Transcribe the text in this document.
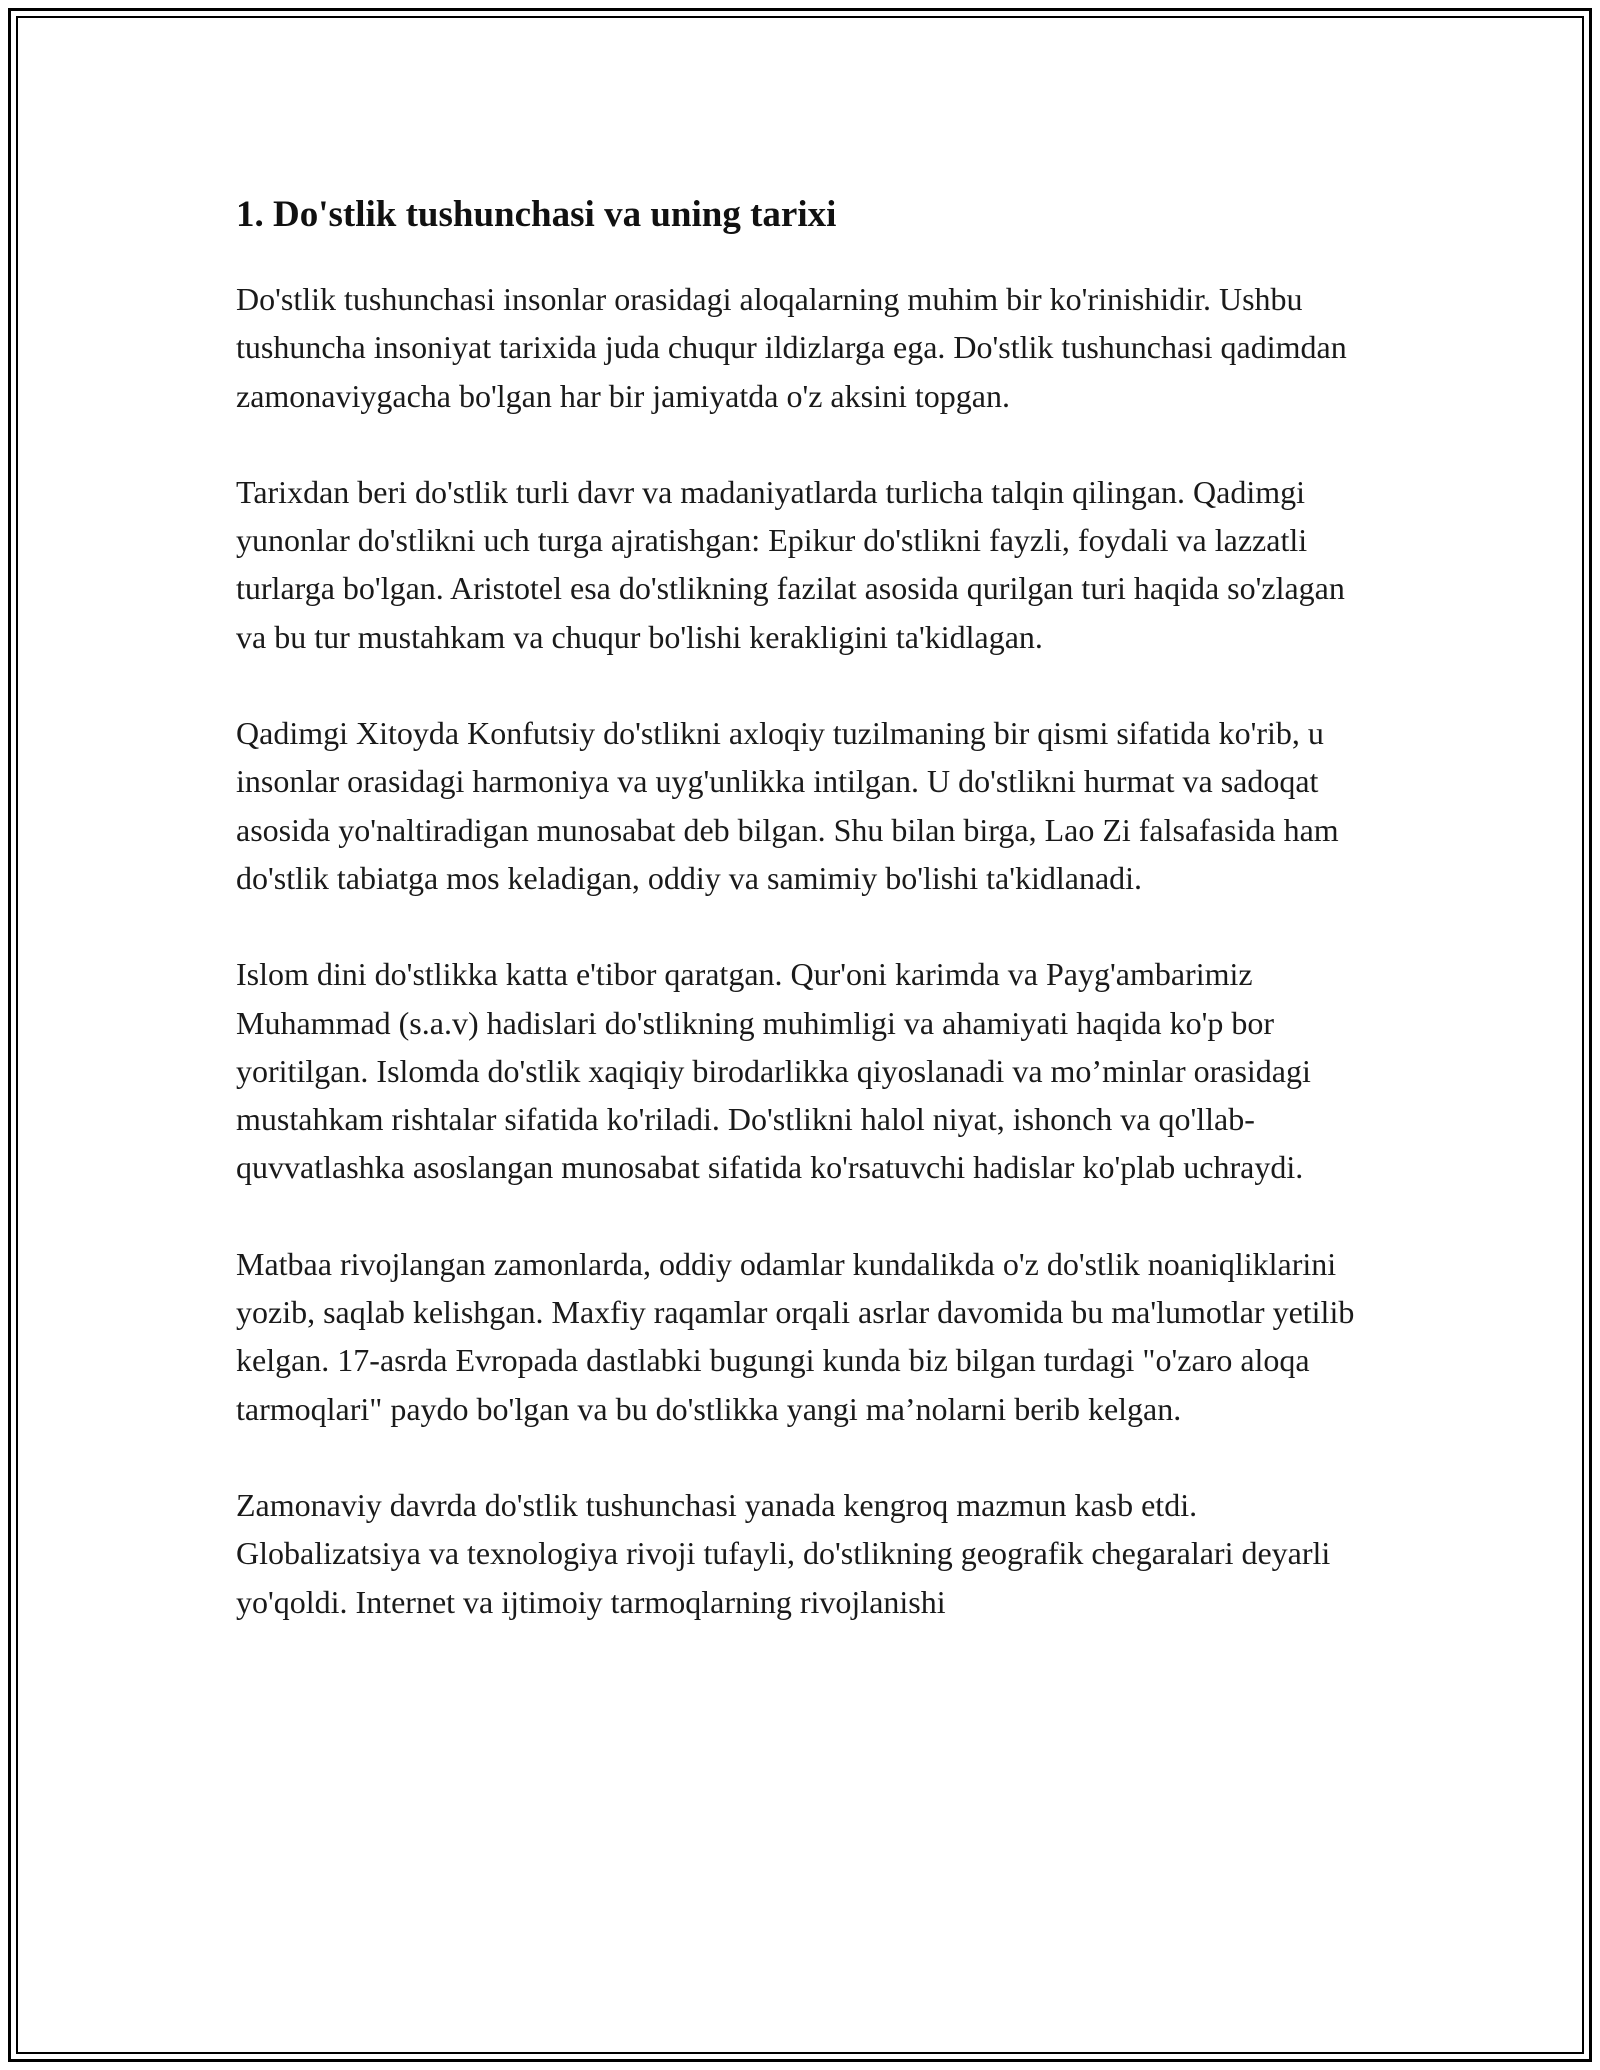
1. Do'stlik tushunchasi va uning tarixi

Do'stlik tushunchasi insonlar orasidagi aloqalarning muhim bir ko'rinishidir. Ushbu tushuncha insoniyat tarixida juda chuqur ildizlarga ega. Do'stlik tushunchasi qadimdan zamonaviygacha bo'lgan har bir jamiyatda o'z aksini topgan.

Tarixdan beri do'stlik turli davr va madaniyatlarda turlicha talqin qilingan. Qadimgi yunonlar do'stlikni uch turga ajratishgan: Epikur do'stlikni fayzli, foydali va lazzatli turlarga bo'lgan. Aristotel esa do'stlikning fazilat asosida qurilgan turi haqida so'zlagan va bu tur mustahkam va chuqur bo'lishi kerakligini ta'kidlagan.

Qadimgi Xitoyda Konfutsiy do'stlikni axloqiy tuzilmaning bir qismi sifatida ko'rib, u insonlar orasidagi harmoniya va uyg'unlikka intilgan. U do'stlikni hurmat va sadoqat asosida yo'naltiradigan munosabat deb bilgan. Shu bilan birga, Lao Zi falsafasida ham do'stlik tabiatga mos keladigan, oddiy va samimiy bo'lishi ta'kidlanadi.

Islom dini do'stlikka katta e'tibor qaratgan. Qur'oni karimda va Payg'ambarimiz Muhammad (s.a.v) hadislari do'stlikning muhimligi va ahamiyati haqida ko'p bor yoritilgan. Islomda do'stlik xaqiqiy birodarlikka qiyoslanadi va mo’minlar orasidagi mustahkam rishtalar sifatida ko'riladi. Do'stlikni halol niyat, ishonch va qo'llab-quvvatlashka asoslangan munosabat sifatida ko'rsatuvchi hadislar ko'plab uchraydi.

Matbaa rivojlangan zamonlarda, oddiy odamlar kundalikda o'z do'stlik noaniqliklarini yozib, saqlab kelishgan. Maxfiy raqamlar orqali asrlar davomida bu ma'lumotlar yetilib kelgan. 17-asrda Evropada dastlabki bugungi kunda biz bilgan turdagi "o'zaro aloqa tarmoqlari" paydo bo'lgan va bu do'stlikka yangi ma’nolarni berib kelgan.

Zamonaviy davrda do'stlik tushunchasi yanada kengroq mazmun kasb etdi. Globalizatsiya va texnologiya rivoji tufayli, do'stlikning geografik chegaralari deyarli yo'qoldi. Internet va ijtimoiy tarmoqlarning rivojlanishi
